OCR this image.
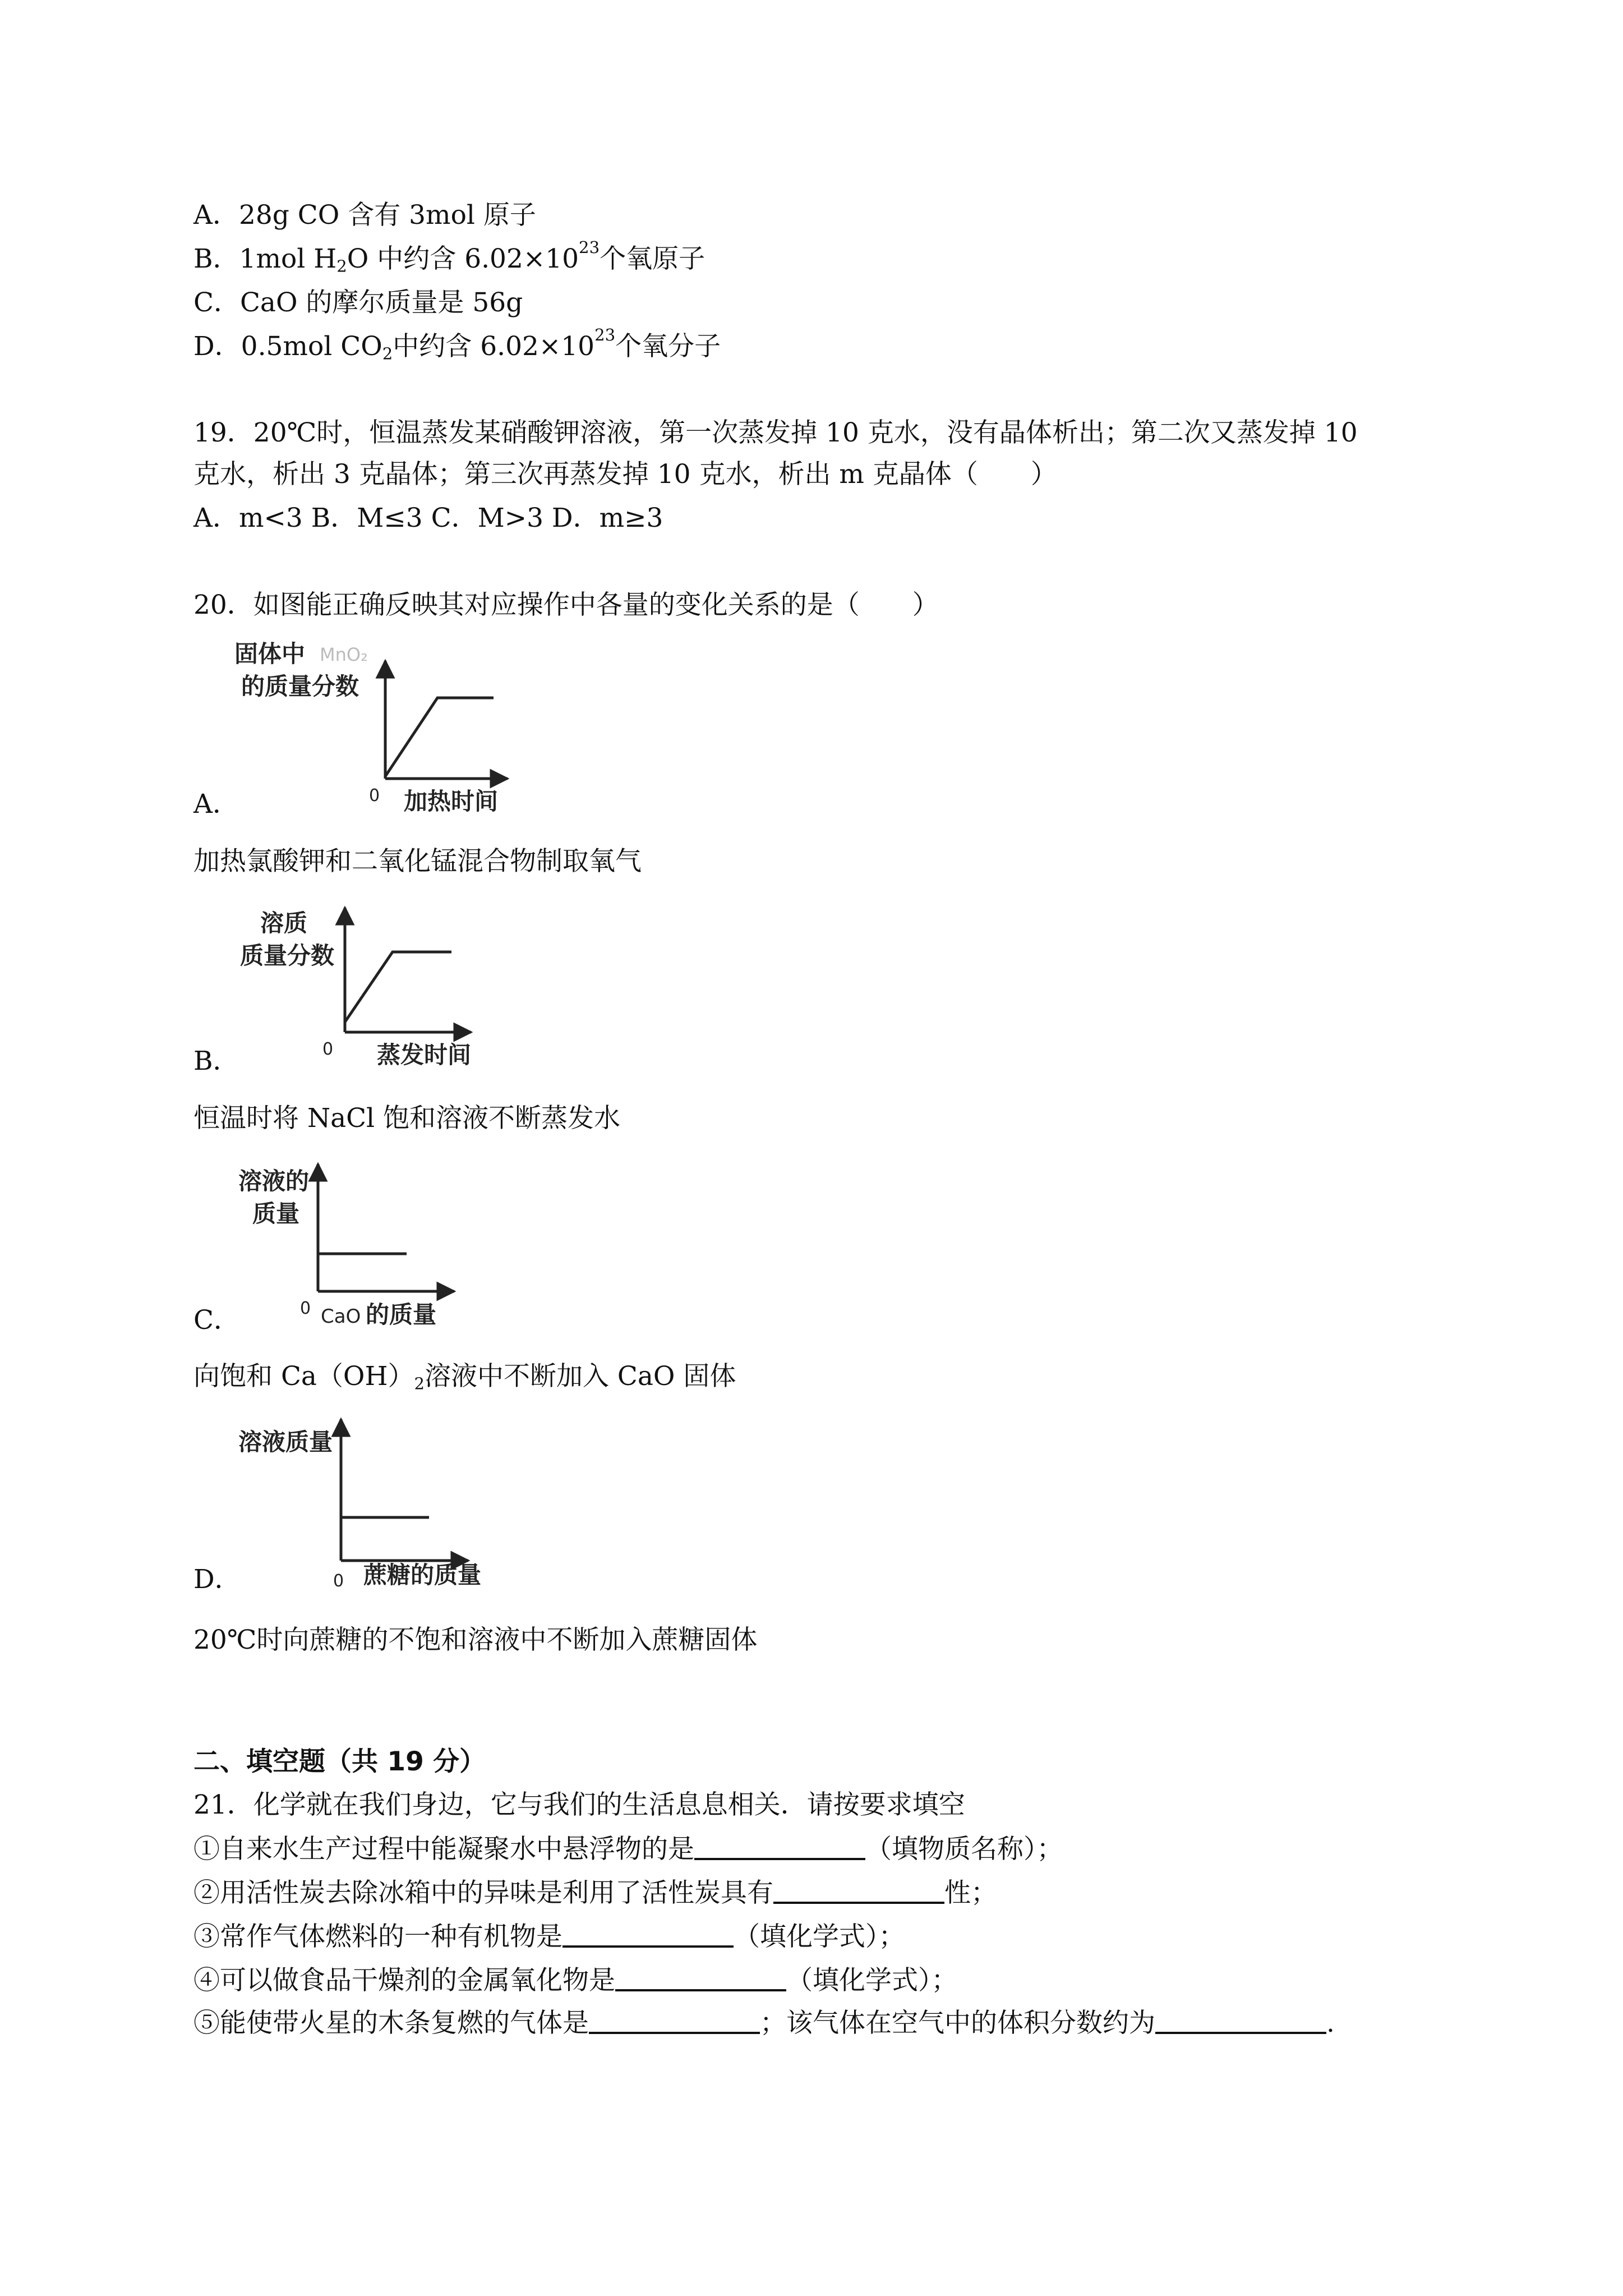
A．28g CO 含有 3mol 原子
B．1mol $H_2O$ 中约含 $6.02\times 10^{23}$个氧原子
C．CaO 的摩尔质量是 56g
D．0.5mol $CO_2$中约含 $6.02\times 10^{23}$个氧分子
19．20℃时，恒温蒸发某硝酸钾溶液，第一次蒸发掉 10 克水，没有晶体析出；第二次又蒸发掉 10
克水，析出 3 克晶体；第三次再蒸发掉 10 克水，析出 m 克晶体（　　）
A．m<3 B．M≤3 C．M>3 D．m≥3
20．如图能正确反映其对应操作中各量的变化关系的是（　　）
固体中 MnO₂
的质量分数
0 加热时间
A．
加热氯酸钾和二氧化锰混合物制取氧气
溶质
质量分数
0 蒸发时间
B．
恒温时将 NaCl 饱和溶液不断蒸发水
溶液的
质量
0 CaO 的质量
C．
向饱和 $Ca(OH)_2$溶液中不断加入 CaO 固体
溶液质量
0 蔗糖的质量
D．
20℃时向蔗糖的不饱和溶液中不断加入蔗糖固体
二、填空题（共 19 分）
21．化学就在我们身边，它与我们的生活息息相关．请按要求填空
①自来水生产过程中能凝聚水中悬浮物的是	（填物质名称）；
②用活性炭去除冰箱中的异味是利用了活性炭具有	性；
③常作气体燃料的一种有机物是	（填化学式）；
④可以做食品干燥剂的金属氧化物是	（填化学式）；
⑤能使带火星的木条复燃的气体是	；该气体在空气中的体积分数约为	.
